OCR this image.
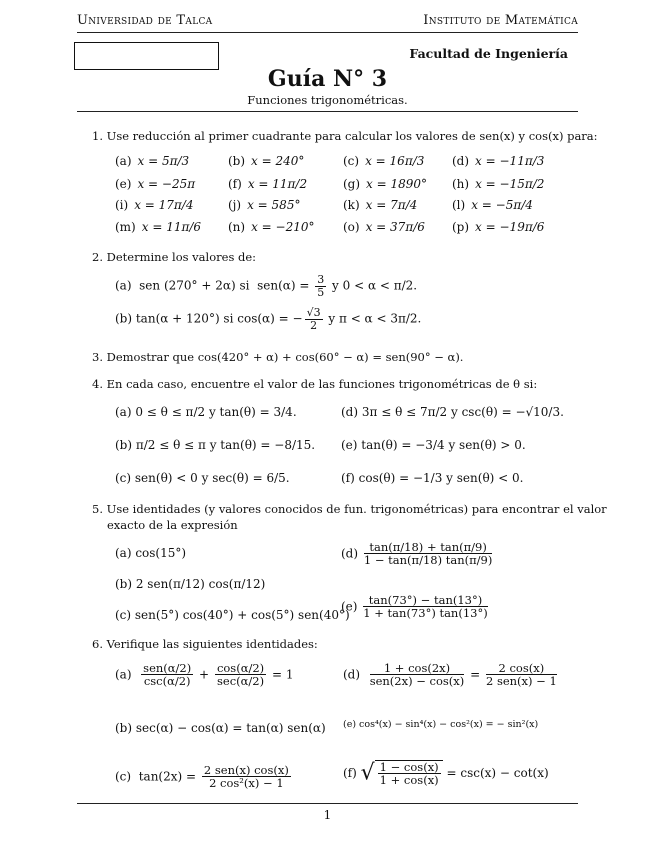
Universidad de Talca	Instituto de Matemática
Facultad de Ingeniería
Guía N° 3
Funciones trigonométricas.
1. Use reducción al primer cuadrante para calcular los valores de sen(x) y cos(x) para:
(a) x = 5π/3
(e) x = −25π
(i) x = 17π/4
(m) x = 11π/6
(b) x = 240°
(f) x = 11π/2
(j) x = 585°
(n) x = −210°
(c) x = 16π/3
(g) x = 1890°
(k) x = 7π/4
(o) x = 37π/6
(d) x = −11π/3
(h) x = −15π/2
(l) x = −5π/4
(p) x = −19π/6
2. Determine los valores de:
(a)  sen (270° + 2α) si  $sen(\alpha) = \frac{3}{5}$ y 0 < α < π/2.
(b) tan(α + 120°) si cos(α) = − $\frac{√3}{2}$ y π < α < 3π/2.
3. Demostrar que cos(420° + α) + cos(60° − α) = sen(90° − α).
4. En cada caso, encuentre el valor de las funciones trigonométricas de θ si:
(a) 0 ≤ θ ≤ π/2 y tan(θ) = 3/4.
(b) π/2 ≤ θ ≤ π y tan(θ) = −8/15.
(c) sen(θ) < 0 y sec(θ) = 6/5.
(d) 3π ≤ θ ≤ 7π/2 y csc(θ) = −√10/3.
(e) tan(θ) = −3/4 y sen(θ) > 0.
(f) cos(θ) = −1/3 y sen(θ) < 0.
5. Use identidades (y valores conocidos de fun. trigonométricas) para encontrar el valor
exacto de la expresión
(a) cos(15°)
(b) 2 sen(π/12) cos(π/12)
(c) sen(5°) cos(40°) + cos(5°) sen(40°)
$(d) \frac{\tan(\pi/18) + \tan(\pi/9)}{1 - \tan(\pi/18) \tan(\pi/9)}$
$(e) \frac{\tan(73^\circ) - \tan(13^\circ)}{1 + \tan(73^\circ) \tan(13^\circ)}$
6. Verifique las siguientes identidades:
$(a) \frac{\text{sen(α/2)}}{\csc(\alpha/2)} + \frac{\cos(\alpha/2)}{\sec(\alpha/2)} = 1$
(b) sec(α) − cos(α) = tan(α) sen(α)
(c)  $\tan(2x) = \frac{\text{2 sen(x) cos(x)}}{\text{2 cos²(x) − 1}}$
$(d) \frac{1 + \cos(2x)}{\text{sen(2x) − cos(x)}} = \frac{2 \cos(x)}{\text{2 sen(x) − 1}}$
(e) cos⁴(x) − sin⁴(x) − cos²(x) = − sin²(x)
(f) √ $\frac{1 - \cos(x)}{1 + \cos(x)} = \csc(x) - \cot(x)$
1
